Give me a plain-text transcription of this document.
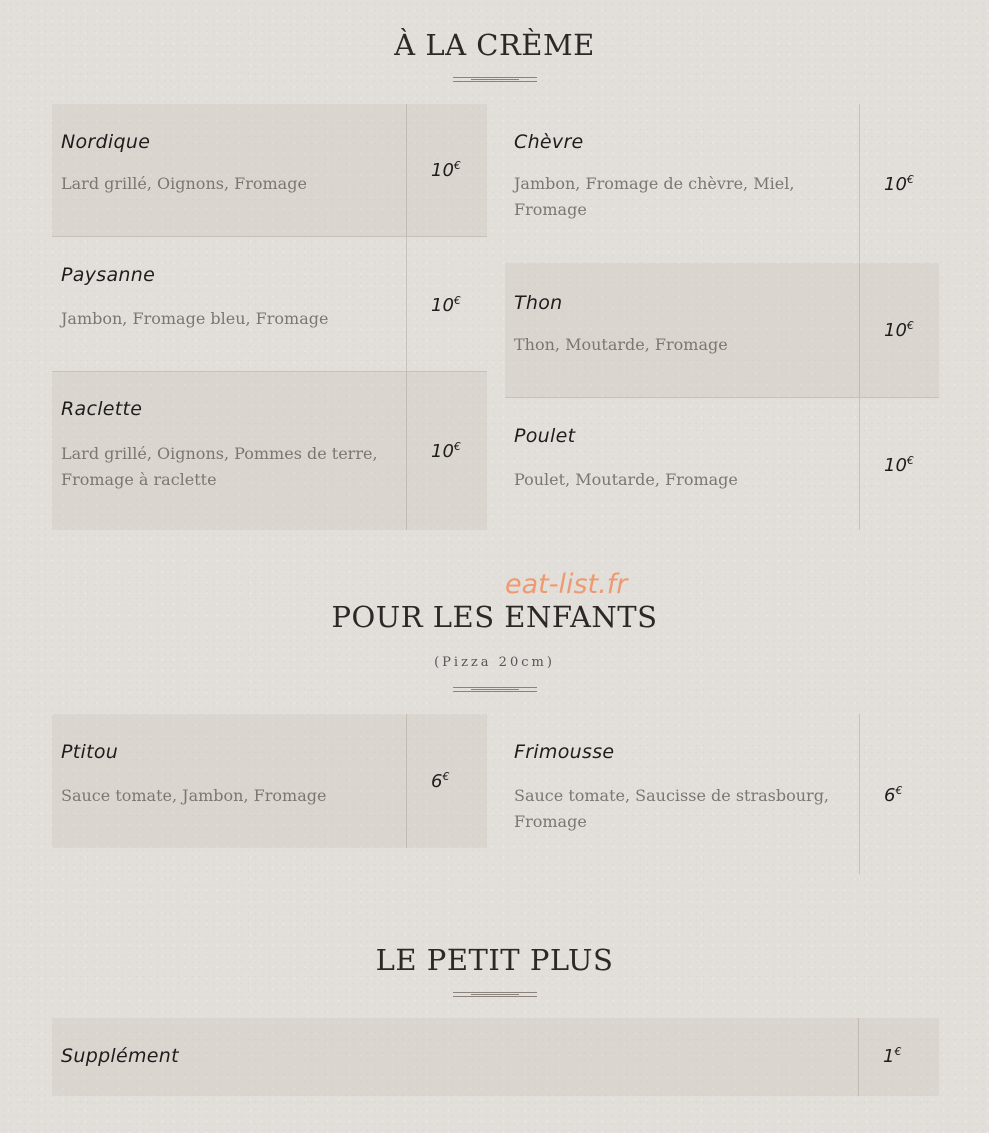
À LA CRÈME
Nordique
Lard grillé, Oignons, Fromage
10€
Paysanne
Jambon, Fromage bleu, Fromage
10€
Raclette
Lard grillé, Oignons, Pommes de terre, Fromage à raclette
10€
Chèvre
Jambon, Fromage de chèvre, Miel, Fromage
10€
Thon
Thon, Moutarde, Fromage
10€
Poulet
Poulet, Moutarde, Fromage
10€
eat-list.fr
POUR LES ENFANTS
(Pizza 20cm)
Ptitou
Sauce tomate, Jambon, Fromage
6€
Frimousse
Sauce tomate, Saucisse de strasbourg, Fromage
6€
LE PETIT PLUS
Supplément	1€
